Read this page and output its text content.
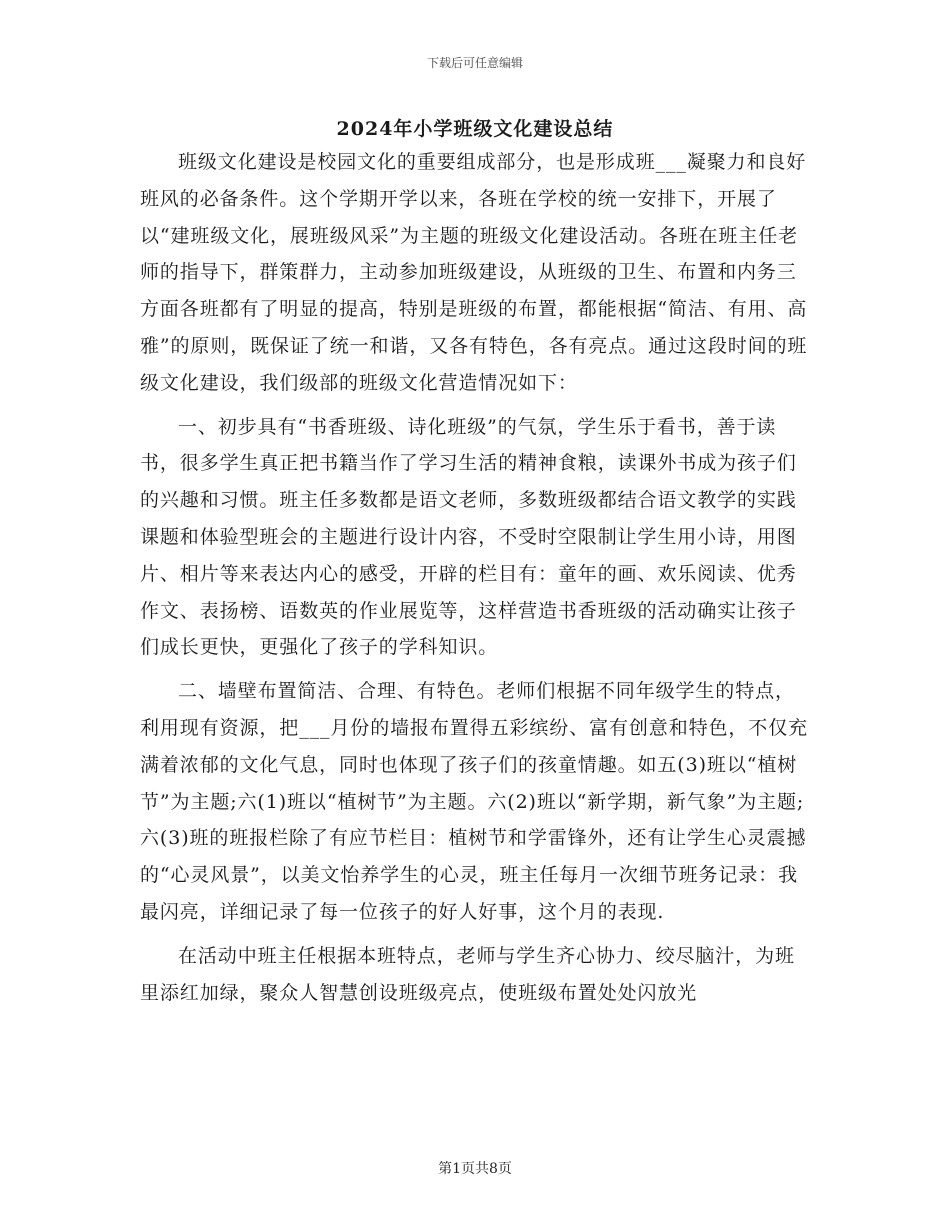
下载后可任意编辑
2024年小学班级文化建设总结

班级文化建设是校园文化的重要组成部分，也是形成班___凝聚力和良好班风的必备条件。这个学期开学以来，各班在学校的统一安排下，开展了以“建班级文化，展班级风采”为主题的班级文化建设活动。各班在班主任老师的指导下，群策群力，主动参加班级建设，从班级的卫生、布置和内务三方面各班都有了明显的提高，特别是班级的布置，都能根据“简洁、有用、高雅”的原则，既保证了统一和谐，又各有特色，各有亮点。通过这段时间的班级文化建设，我们级部的班级文化营造情况如下：

一、初步具有“书香班级、诗化班级”的气氛，学生乐于看书，善于读书，很多学生真正把书籍当作了学习生活的精神食粮，读课外书成为孩子们的兴趣和习惯。班主任多数都是语文老师，多数班级都结合语文教学的实践课题和体验型班会的主题进行设计内容，不受时空限制让学生用小诗，用图片、相片等来表达内心的感受，开辟的栏目有：童年的画、欢乐阅读、优秀作文、表扬榜、语数英的作业展览等，这样营造书香班级的活动确实让孩子们成长更快，更强化了孩子的学科知识。

二、墙壁布置简洁、合理、有特色。老师们根据不同年级学生的特点，利用现有资源，把___月份的墙报布置得五彩缤纷、富有创意和特色，不仅充满着浓郁的文化气息，同时也体现了孩子们的孩童情趣。如五(3)班以“植树节”为主题;六(1)班以“植树节”为主题。六(2)班以“新学期，新气象”为主题;六(3)班的班报栏除了有应节栏目：植树节和学雷锋外，还有让学生心灵震撼的“心灵风景”，以美文怡养学生的心灵，班主任每月一次细节班务记录：我最闪亮，详细记录了每一位孩子的好人好事，这个月的表现.

在活动中班主任根据本班特点，老师与学生齐心协力、绞尽脑汁，为班里添红加绿，聚众人智慧创设班级亮点，使班级布置处处闪放光

第1页共8页
